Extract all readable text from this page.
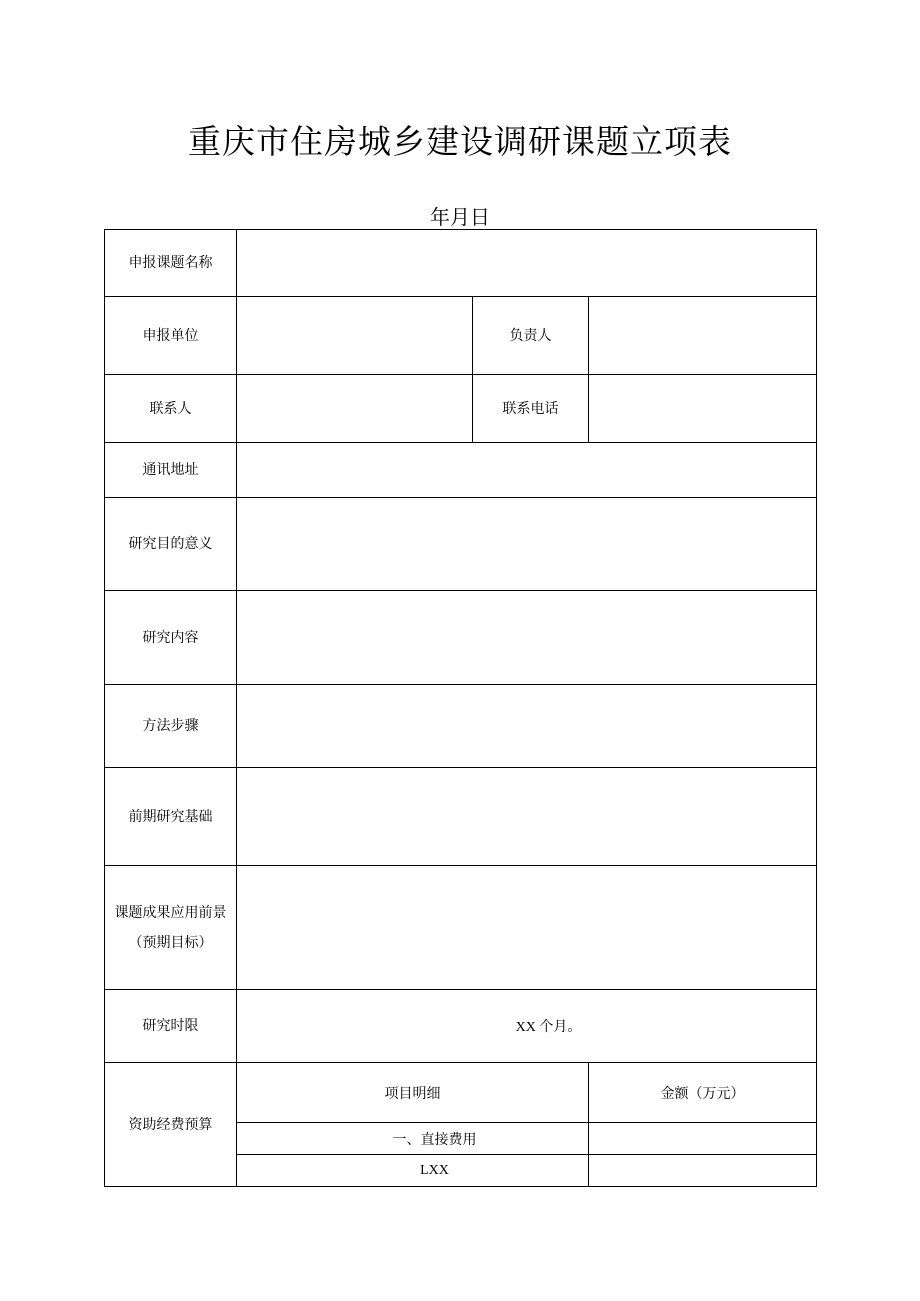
重庆市住房城乡建设调研课题立项表
年月日
申报课题名称			
申报单位		负责人	
联系人		联系电话	
通讯地址			
研究目的意义			
研究内容			
方法步骤			
前期研究基础			

课题成果应用前景
（预期目标）			

研究时限	XX 个月。		
资助经费预算	项目明细		金额（万元）
	一、直接费用		
	LXX		
